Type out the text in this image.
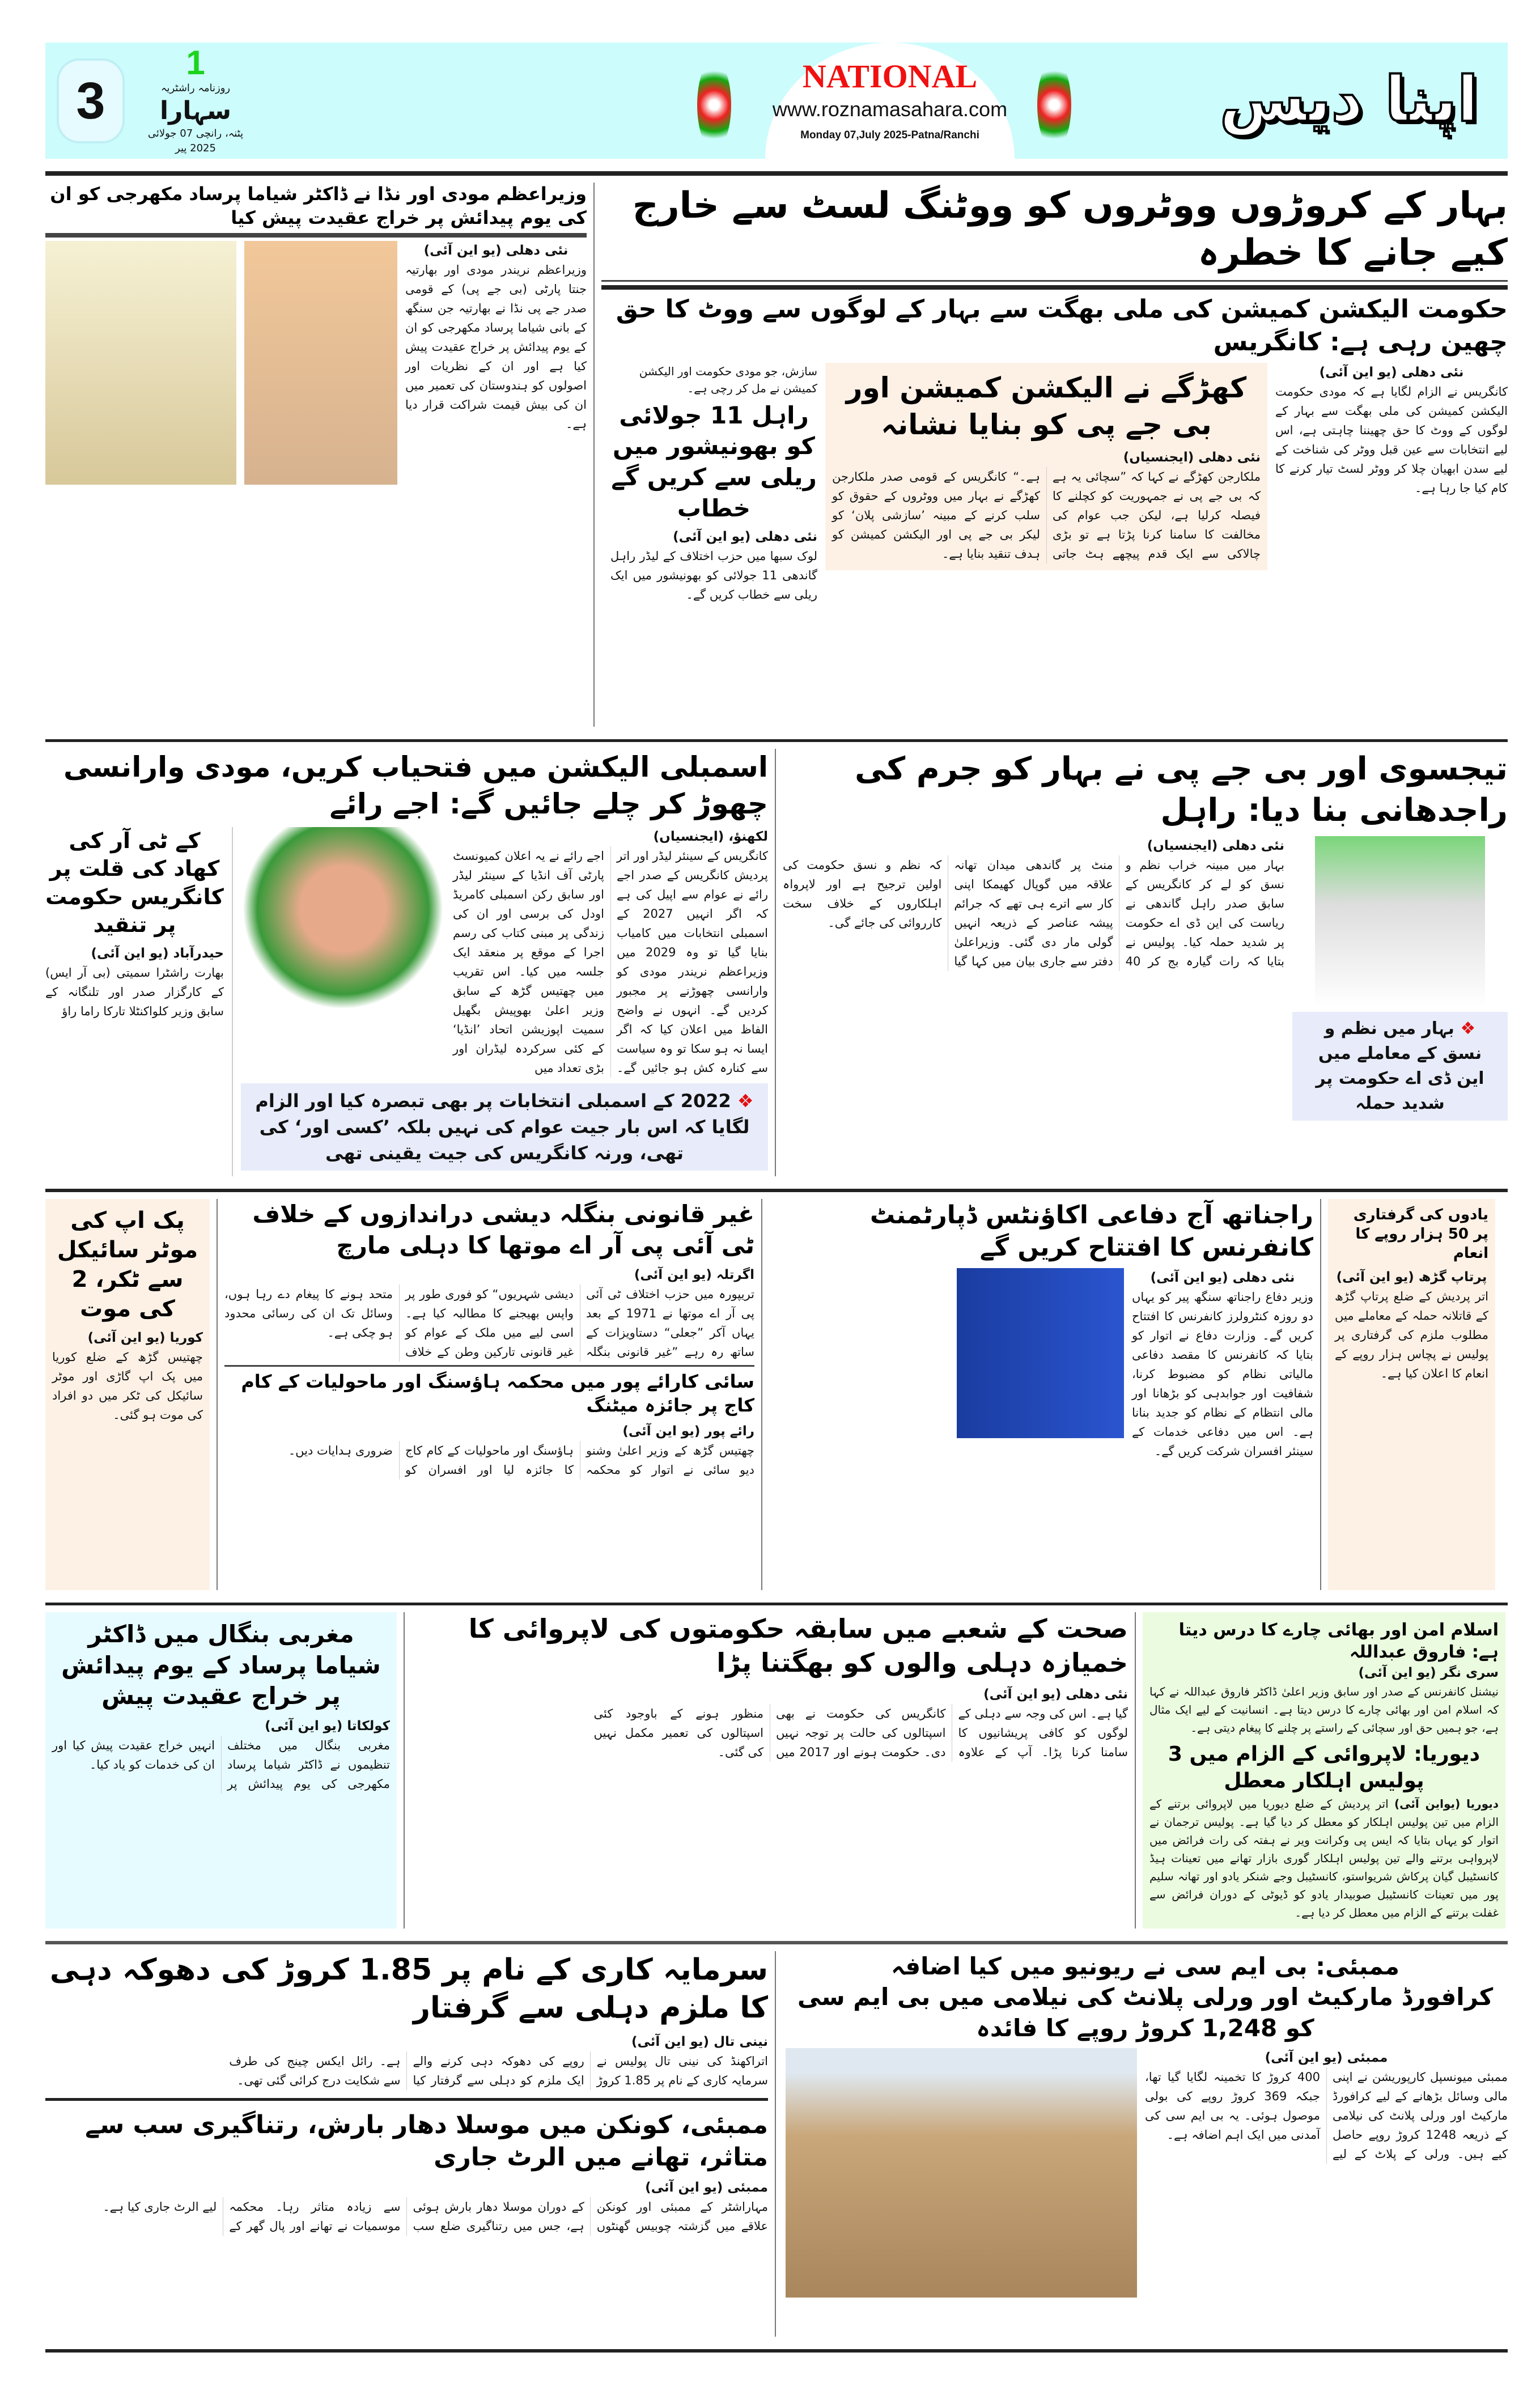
3
1
روزنامہ راشٹریہ
سہارا
پٹنہ، رانچی 07 جولائی 2025 پیر
NATIONAL
www.roznamasahara.com
Monday 07,July 2025-Patna/Ranchi	اپنا دیس
وزیراعظم مودی اور نڈا نے ڈاکٹر شیاما پرساد مکھرجی کو ان کی یوم پیدائش پر خراج عقیدت پیش کیا
نئی دهلی (یو این آئی)
وزیراعظم نریندر مودی اور بھارتیہ جنتا پارٹی (بی جے پی) کے قومی صدر جے پی نڈا نے بھارتیہ جن سنگھ کے بانی شیاما پرساد مکھرجی کو ان کے یوم پیدائش پر خراج عقیدت پیش کیا ہے اور ان کے نظریات اور اصولوں کو ہندوستان کی تعمیر میں ان کی بیش قیمت شراکت قرار دیا ہے۔
بہار کے کروڑوں ووٹروں کو ووٹنگ لسٹ سے خارج کیے جانے کا خطرہ
حکومت الیکشن کمیشن کی ملی بھگت سے بہار کے لوگوں سے ووٹ کا حق چھین رہی ہے: کانگریس
نئی دهلی (یو این آئی)
کانگریس نے الزام لگایا ہے کہ مودی حکومت الیکشن کمیشن کی ملی بھگت سے بہار کے لوگوں کے ووٹ کا حق چھیننا چاہتی ہے، اس لیے انتخابات سے عین قبل ووٹر کی شناخت کے لیے سدن ابھیان چلا کر ووٹر لسٹ تیار کرنے کا کام کیا جا رہا ہے۔
کھڑگے نے الیکشن کمیشن اور بی جے پی کو بنایا نشانہ
نئی دهلی (ایجنسیاں)
ملکارجن کھڑگے نے کہا کہ ”سچائی یہ ہے کہ بی جے پی نے جمہوریت کو کچلنے کا فیصلہ کرلیا ہے، لیکن جب عوام کی مخالفت کا سامنا کرنا پڑتا ہے تو بڑی چالاکی سے ایک قدم پیچھے ہٹ جاتی ہے۔“ کانگریس کے قومی صدر ملکارجن کھڑگے نے بہار میں ووٹروں کے حقوق کو سلب کرنے کے مبینہ ’سازشی پلان‘ کو لیکر بی جے پی اور الیکشن کمیشن کو ہدف تنقید بنایا ہے۔
سازش، جو مودی حکومت اور الیکشن کمیشن نے مل کر رچی ہے۔
راہل 11 جولائی کو بھونیشور میں ریلی سے کریں گے خطاب
نئی دهلی (یو این آئی)
لوک سبھا میں حزب اختلاف کے لیڈر راہل گاندھی 11 جولائی کو بھونیشور میں ایک ریلی سے خطاب کریں گے۔
اسمبلی الیکشن میں فتحیاب کریں، مودی وارانسی چھوڑ کر چلے جائیں گے: اجے رائے
لکھنؤ، (ایجنسیاں)
کانگریس کے سینئر لیڈر اور اتر پردیش کانگریس کے صدر اجے رائے نے عوام سے اپیل کی ہے کہ اگر انہیں 2027 کے اسمبلی انتخابات میں کامیاب بنایا گیا تو وہ 2029 میں وزیراعظم نریندر مودی کو وارانسی چھوڑنے پر مجبور کردیں گے۔ انہوں نے واضح الفاظ میں اعلان کیا کہ اگر ایسا نہ ہو سکا تو وہ سیاست سے کنارہ کش ہو جائیں گے۔ اجے رائے نے یہ اعلان کمیونسٹ پارٹی آف انڈیا کے سینئر لیڈر اور سابق رکن اسمبلی کامریڈ اودل کی برسی اور ان کی زندگی پر مبنی کتاب کی رسم اجرا کے موقع پر منعقد ایک جلسہ میں کیا۔ اس تقریب میں چھتیس گڑھ کے سابق وزیر اعلیٰ بھوپیش بگھیل سمیت اپوزیشن اتحاد ’انڈیا‘ کے کئی سرکردہ لیڈران اور بڑی تعداد میں
❖ 2022 کے اسمبلی انتخابات پر بھی تبصرہ کیا اور الزام لگایا کہ اس بار جیت عوام کی نہیں بلکہ ’کسی اور‘ کی تھی، ورنہ کانگریس کی جیت یقینی تھی
کے ٹی آر کی کھاد کی قلت پر کانگریس حکومت پر تنقید
حیدرآباد (یو این آئی)
بھارت راشٹرا سمیتی (بی آر ایس) کے کارگزار صدر اور تلنگانہ کے سابق وزیر کلواکنٹلا تارکا راما راؤ
تیجسوی اور بی جے پی نے بہار کو جرم کی راجدھانی بنا دیا: راہل
❖ بہار میں نظم و نسق کے معاملے میں این ڈی اے حکومت پر شدید حملہ
نئی دهلی (ایجنسیاں)
بہار میں مبینہ خراب نظم و نسق کو لے کر کانگریس کے سابق صدر راہل گاندھی نے ریاست کی این ڈی اے حکومت پر شدید حملہ کیا۔ پولیس نے بتایا کہ رات گیارہ بج کر 40 منٹ پر گاندھی میدان تھانہ علاقہ میں گوپال کھیمکا اپنی کار سے اترے ہی تھے کہ جرائم پیشہ عناصر کے ذریعہ انہیں گولی مار دی گئی۔ وزیراعلیٰ دفتر سے جاری بیان میں کہا گیا کہ نظم و نسق حکومت کی اولین ترجیح ہے اور لاپرواہ اہلکاروں کے خلاف سخت کارروائی کی جائے گی۔
پک اپ کی موٹر سائیکل سے ٹکر، 2 کی موت
کوریا (یو این آئی)
چھتیس گڑھ کے ضلع کوریا میں پک اپ گاڑی اور موٹر سائیکل کی ٹکر میں دو افراد کی موت ہو گئی۔
غیر قانونی بنگلہ دیشی دراندازوں کے خلاف ٹی آئی پی آر اے موتھا کا دہلی مارچ
اگرتلہ (یو این آئی)
تریپورہ میں حزب اختلاف ٹی آئی پی آر اے موتھا نے 1971 کے بعد یہاں آکر ”جعلی“ دستاویزات کے ساتھ رہ رہے ”غیر قانونی بنگلہ دیشی شہریوں“ کو فوری طور پر واپس بھیجنے کا مطالبہ کیا ہے۔ اسی لیے میں ملک کے عوام کو غیر قانونی تارکین وطن کے خلاف متحد ہونے کا پیغام دے رہا ہوں، وسائل تک ان کی رسائی محدود ہو چکی ہے۔
سائی کارائے پور میں محکمہ ہاؤسنگ اور ماحولیات کے کام کاج پر جائزہ میٹنگ
رائے پور (یو این آئی)
چھتیس گڑھ کے وزیر اعلیٰ وشنو دیو سائی نے اتوار کو محکمہ ہاؤسنگ اور ماحولیات کے کام کاج کا جائزہ لیا اور افسران کو ضروری ہدایات دیں۔
راجناتھ آج دفاعی اکاؤنٹس ڈپارٹمنٹ کانفرنس کا افتتاح کریں گے
نئی دهلی (یو این آئی)
وزیر دفاع راجناتھ سنگھ پیر کو یہاں دو روزہ کنٹرولرز کانفرنس کا افتتاح کریں گے۔ وزارت دفاع نے اتوار کو بتایا کہ کانفرنس کا مقصد دفاعی مالیاتی نظام کو مضبوط کرنا، شفافیت اور جوابدہی کو بڑھانا اور مالی انتظام کے نظام کو جدید بنانا ہے۔ اس میں دفاعی خدمات کے سینئر افسران شرکت کریں گے۔
یادوں کی گرفتاری پر 50 ہزار روپے کا انعام
پرتاپ گڑھ (یو این آئی)
اتر پردیش کے ضلع پرتاپ گڑھ کے قاتلانہ حملہ کے معاملے میں مطلوب ملزم کی گرفتاری پر پولیس نے پچاس ہزار روپے کے انعام کا اعلان کیا ہے۔
مغربی بنگال میں ڈاکٹر شیاما پرساد کے یوم پیدائش پر خراج عقیدت پیش
کولکاتا (یو این آئی)
مغربی بنگال میں مختلف تنظیموں نے ڈاکٹر شیاما پرساد مکھرجی کی یوم پیدائش پر انہیں خراج عقیدت پیش کیا اور ان کی خدمات کو یاد کیا۔
صحت کے شعبے میں سابقہ حکومتوں کی لاپروائی کا خمیازہ دہلی والوں کو بھگتنا پڑا
نئی دهلی (یو این آئی)
گیا ہے۔ اس کی وجہ سے دہلی کے لوگوں کو کافی پریشانیوں کا سامنا کرنا پڑا۔ آپ کے علاوہ کانگریس کی حکومت نے بھی اسپتالوں کی حالت پر توجہ نہیں دی۔ حکومت ہونے اور 2017 میں منظور ہونے کے باوجود کئی اسپتالوں کی تعمیر مکمل نہیں کی گئی۔
اسلام امن اور بھائی چارے کا درس دیتا ہے: فاروق عبداللہ
سری نگر (یو این آئی)
نیشنل کانفرنس کے صدر اور سابق وزیر اعلیٰ ڈاکٹر فاروق عبداللہ نے کہا کہ اسلام امن اور بھائی چارے کا درس دیتا ہے۔ انسانیت کے لیے ایک مثال ہے، جو ہمیں حق اور سچائی کے راستے پر چلنے کا پیغام دیتی ہے۔
دیوریا: لاپروائی کے الزام میں 3 پولیس اہلکار معطل
دیوریا (یواین آئی) اتر پردیش کے ضلع دیوریا میں لاپروائی برتنے کے الزام میں تین پولیس اہلکار کو معطل کر دیا گیا ہے۔ پولیس ترجمان نے اتوار کو یہاں بتایا کہ ایس پی وکرانت ویر نے ہفتہ کی رات فرائض میں لاپرواہی برتنے والے تین پولیس اہلکار گوری بازار تھانے میں تعینات ہیڈ کانسٹیبل گیان پرکاش شریواستو، کانسٹیبل وجے شنکر یادو اور تھانہ سلیم پور میں تعینات کانسٹیبل صوبیدار یادو کو ڈیوٹی کے دوران فرائض سے غفلت برتنے کے الزام میں معطل کر دیا ہے۔
سرمایہ کاری کے نام پر 1.85 کروڑ کی دھوکہ دہی کا ملزم دہلی سے گرفتار
نینی تال (یو این آئی)
اتراکھنڈ کی نینی تال پولیس نے سرمایہ کاری کے نام پر 1.85 کروڑ روپے کی دھوکہ دہی کرنے والے ایک ملزم کو دہلی سے گرفتار کیا ہے۔ رائل ایکس چینج کی طرف سے شکایت درج کرائی گئی تھی۔
ممبئی، کونکن میں موسلا دھار بارش، رتناگیری سب سے متاثر، تھانے میں الرٹ جاری
ممبئی (یو این آئی)
مہاراشٹر کے ممبئی اور کونکن علاقے میں گزشتہ چوبیس گھنٹوں کے دوران موسلا دھار بارش ہوئی ہے، جس میں رتناگیری ضلع سب سے زیادہ متاثر رہا۔ محکمہ موسمیات نے تھانے اور پال گھر کے لیے الرٹ جاری کیا ہے۔
ممبئی: بی ایم سی نے ریونیو میں کیا اضافہ
کرافورڈ مارکیٹ اور ورلی پلانٹ کی نیلامی میں بی ایم سی کو 1,248 کروڑ روپے کا فائدہ
ممبئی (یو این آئی)
ممبئی میونسپل کارپوریشن نے اپنی مالی وسائل بڑھانے کے لیے کرافورڈ مارکیٹ اور ورلی پلانٹ کی نیلامی کے ذریعہ 1248 کروڑ روپے حاصل کیے ہیں۔ ورلی کے پلاٹ کے لیے 400 کروڑ کا تخمینہ لگایا گیا تھا، جبکہ 369 کروڑ روپے کی بولی موصول ہوئی۔ یہ بی ایم سی کی آمدنی میں ایک اہم اضافہ ہے۔
